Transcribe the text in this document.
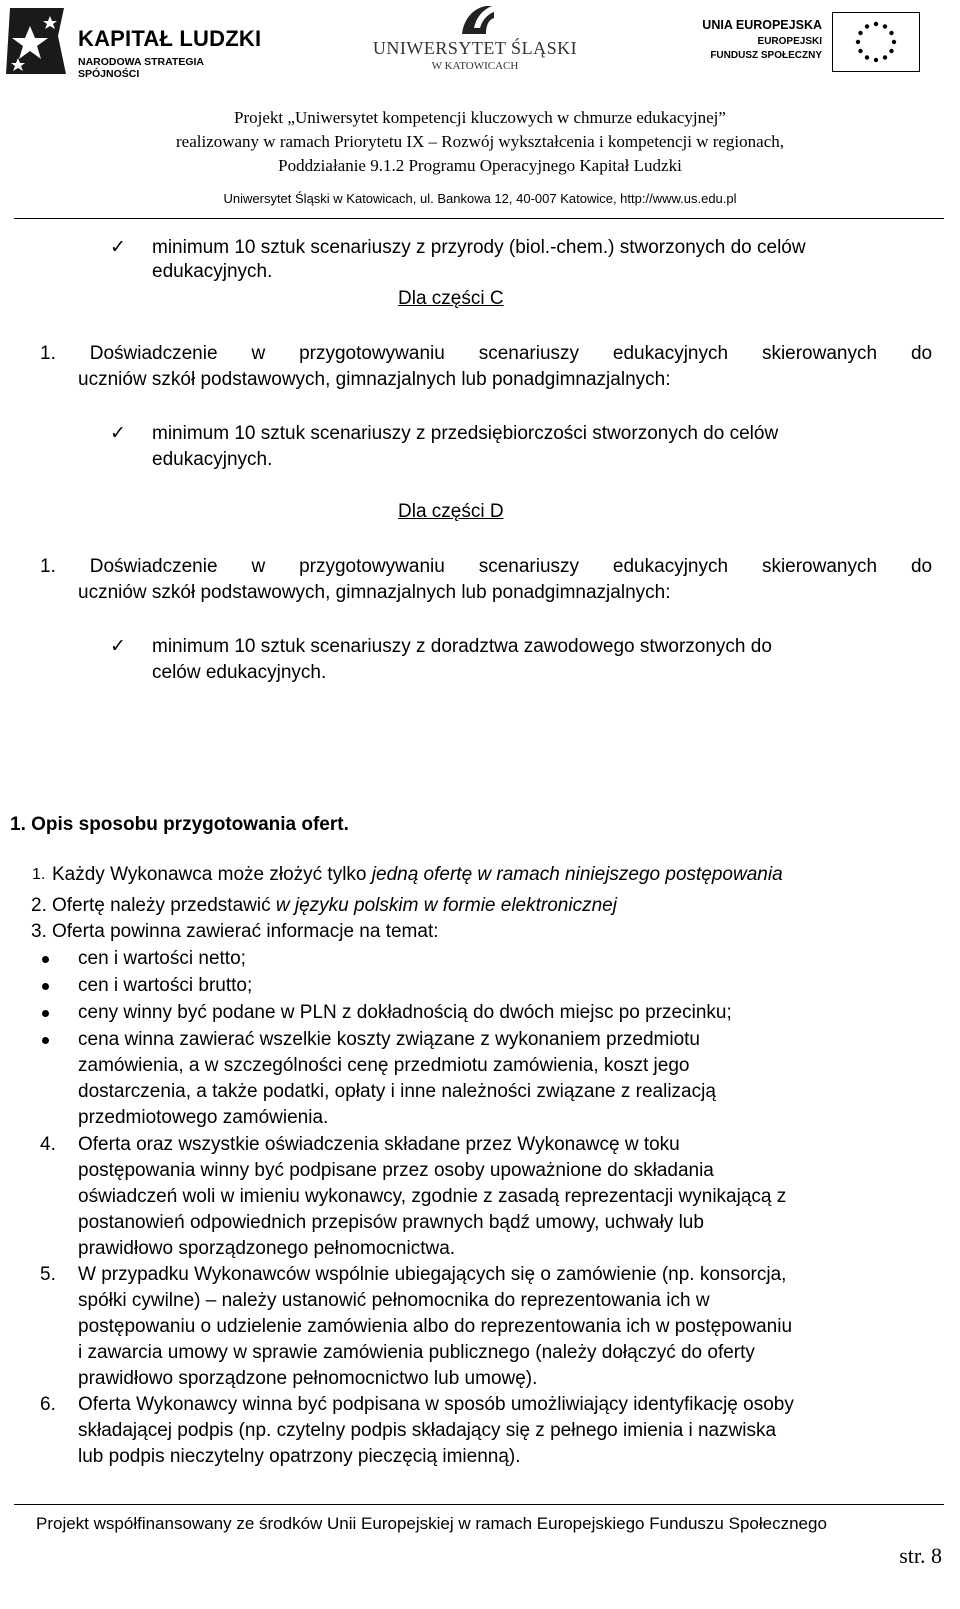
KAPITAŁ LUDZKI
NARODOWA STRATEGIA SPÓJNOŚCI
UNIWERSYTET ŚLĄSKI
W KATOWICACH
UNIA EUROPEJSKA
EUROPEJSKI
FUNDUSZ SPOŁECZNY
Projekt „Uniwersytet kompetencji kluczowych w chmurze edukacyjnej”
realizowany w ramach Priorytetu IX – Rozwój wykształcenia i kompetencji w regionach,
Poddziałanie 9.1.2 Programu Operacyjnego Kapitał Ludzki
Uniwersytet Śląski w Katowicach, ul. Bankowa 12, 40-007 Katowice, http://www.us.edu.pl
✓ minimum 10 sztuk scenariuszy z przyrody (biol.-chem.) stworzonych do celów
edukacyjnych.
Dla części C
1. Doświadczenie w przygotowywaniu scenariuszy edukacyjnych skierowanych do
uczniów szkół podstawowych, gimnazjalnych lub ponadgimnazjalnych:
✓ minimum 10 sztuk scenariuszy z przedsiębiorczości stworzonych do celów
edukacyjnych.
Dla części D
1. Doświadczenie w przygotowywaniu scenariuszy edukacyjnych skierowanych do
uczniów szkół podstawowych, gimnazjalnych lub ponadgimnazjalnych:
✓ minimum 10 sztuk scenariuszy z doradztwa zawodowego stworzonych do
celów edukacyjnych.
1. Opis sposobu przygotowania ofert.
1. Każdy Wykonawca może złożyć tylko jedną ofertę w ramach niniejszego postępowania
2. Ofertę należy przedstawić w języku polskim w formie elektronicznej
3. Oferta powinna zawierać informacje na temat:
cen i wartości netto;
cen i wartości brutto;
ceny winny być podane w PLN z dokładnością do dwóch miejsc po przecinku;
cena winna zawierać wszelkie koszty związane z wykonaniem przedmiotu
zamówienia, a w szczególności cenę przedmiotu zamówienia, koszt jego
dostarczenia, a także podatki, opłaty i inne należności związane z realizacją
przedmiotowego zamówienia.
4. Oferta oraz wszystkie oświadczenia składane przez Wykonawcę w toku
postępowania winny być podpisane przez osoby upoważnione do składania
oświadczeń woli w imieniu wykonawcy, zgodnie z zasadą reprezentacji wynikającą z
postanowień odpowiednich przepisów prawnych bądź umowy, uchwały lub
prawidłowo sporządzonego pełnomocnictwa.
5. W przypadku Wykonawców wspólnie ubiegających się o zamówienie (np. konsorcja,
spółki cywilne) – należy ustanowić pełnomocnika do reprezentowania ich w
postępowaniu o udzielenie zamówienia albo do reprezentowania ich w postępowaniu
i zawarcia umowy w sprawie zamówienia publicznego (należy dołączyć do oferty
prawidłowo sporządzone pełnomocnictwo lub umowę).
6. Oferta Wykonawcy winna być podpisana w sposób umożliwiający identyfikację osoby
składającej podpis (np. czytelny podpis składający się z pełnego imienia i nazwiska
lub podpis nieczytelny opatrzony pieczęcią imienną).
Projekt współfinansowany ze środków Unii Europejskiej w ramach Europejskiego Funduszu Społecznego
str. 8
